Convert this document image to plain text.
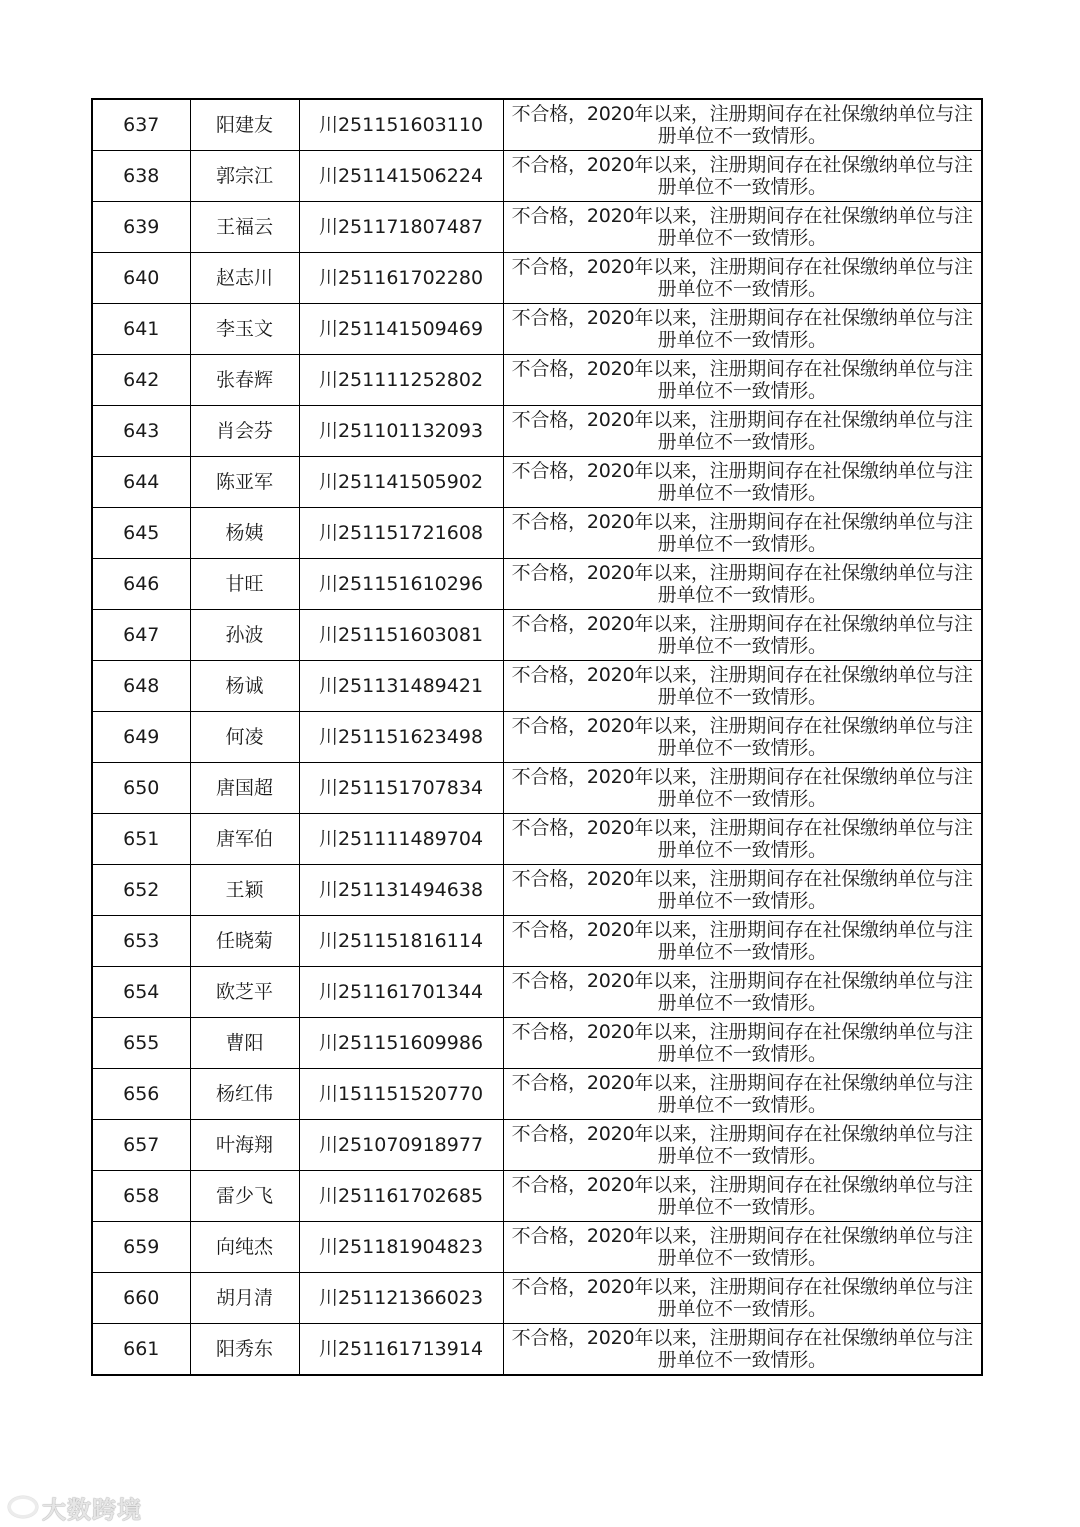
637	阳建友	川251151603110	不合格，2020年以来，注册期间存在社保缴纳单位与注册单位不一致情形。
638	郭宗江	川251141506224	不合格，2020年以来，注册期间存在社保缴纳单位与注册单位不一致情形。
639	王福云	川251171807487	不合格，2020年以来，注册期间存在社保缴纳单位与注册单位不一致情形。
640	赵志川	川251161702280	不合格，2020年以来，注册期间存在社保缴纳单位与注册单位不一致情形。
641	李玉文	川251141509469	不合格，2020年以来，注册期间存在社保缴纳单位与注册单位不一致情形。
642	张春辉	川251111252802	不合格，2020年以来，注册期间存在社保缴纳单位与注册单位不一致情形。
643	肖会芬	川251101132093	不合格，2020年以来，注册期间存在社保缴纳单位与注册单位不一致情形。
644	陈亚军	川251141505902	不合格，2020年以来，注册期间存在社保缴纳单位与注册单位不一致情形。
645	杨姨	川251151721608	不合格，2020年以来，注册期间存在社保缴纳单位与注册单位不一致情形。
646	甘旺	川251151610296	不合格，2020年以来，注册期间存在社保缴纳单位与注册单位不一致情形。
647	孙波	川251151603081	不合格，2020年以来，注册期间存在社保缴纳单位与注册单位不一致情形。
648	杨诚	川251131489421	不合格，2020年以来，注册期间存在社保缴纳单位与注册单位不一致情形。
649	何凌	川251151623498	不合格，2020年以来，注册期间存在社保缴纳单位与注册单位不一致情形。
650	唐国超	川251151707834	不合格，2020年以来，注册期间存在社保缴纳单位与注册单位不一致情形。
651	唐军伯	川251111489704	不合格，2020年以来，注册期间存在社保缴纳单位与注册单位不一致情形。
652	王颖	川251131494638	不合格，2020年以来，注册期间存在社保缴纳单位与注册单位不一致情形。
653	任晓菊	川251151816114	不合格，2020年以来，注册期间存在社保缴纳单位与注册单位不一致情形。
654	欧芝平	川251161701344	不合格，2020年以来，注册期间存在社保缴纳单位与注册单位不一致情形。
655	曹阳	川251151609986	不合格，2020年以来，注册期间存在社保缴纳单位与注册单位不一致情形。
656	杨红伟	川151151520770	不合格，2020年以来，注册期间存在社保缴纳单位与注册单位不一致情形。
657	叶海翔	川251070918977	不合格，2020年以来，注册期间存在社保缴纳单位与注册单位不一致情形。
658	雷少飞	川251161702685	不合格，2020年以来，注册期间存在社保缴纳单位与注册单位不一致情形。
659	向纯杰	川251181904823	不合格，2020年以来，注册期间存在社保缴纳单位与注册单位不一致情形。
660	胡月清	川251121366023	不合格，2020年以来，注册期间存在社保缴纳单位与注册单位不一致情形。
661	阳秀东	川251161713914	不合格，2020年以来，注册期间存在社保缴纳单位与注册单位不一致情形。
大数跨境
